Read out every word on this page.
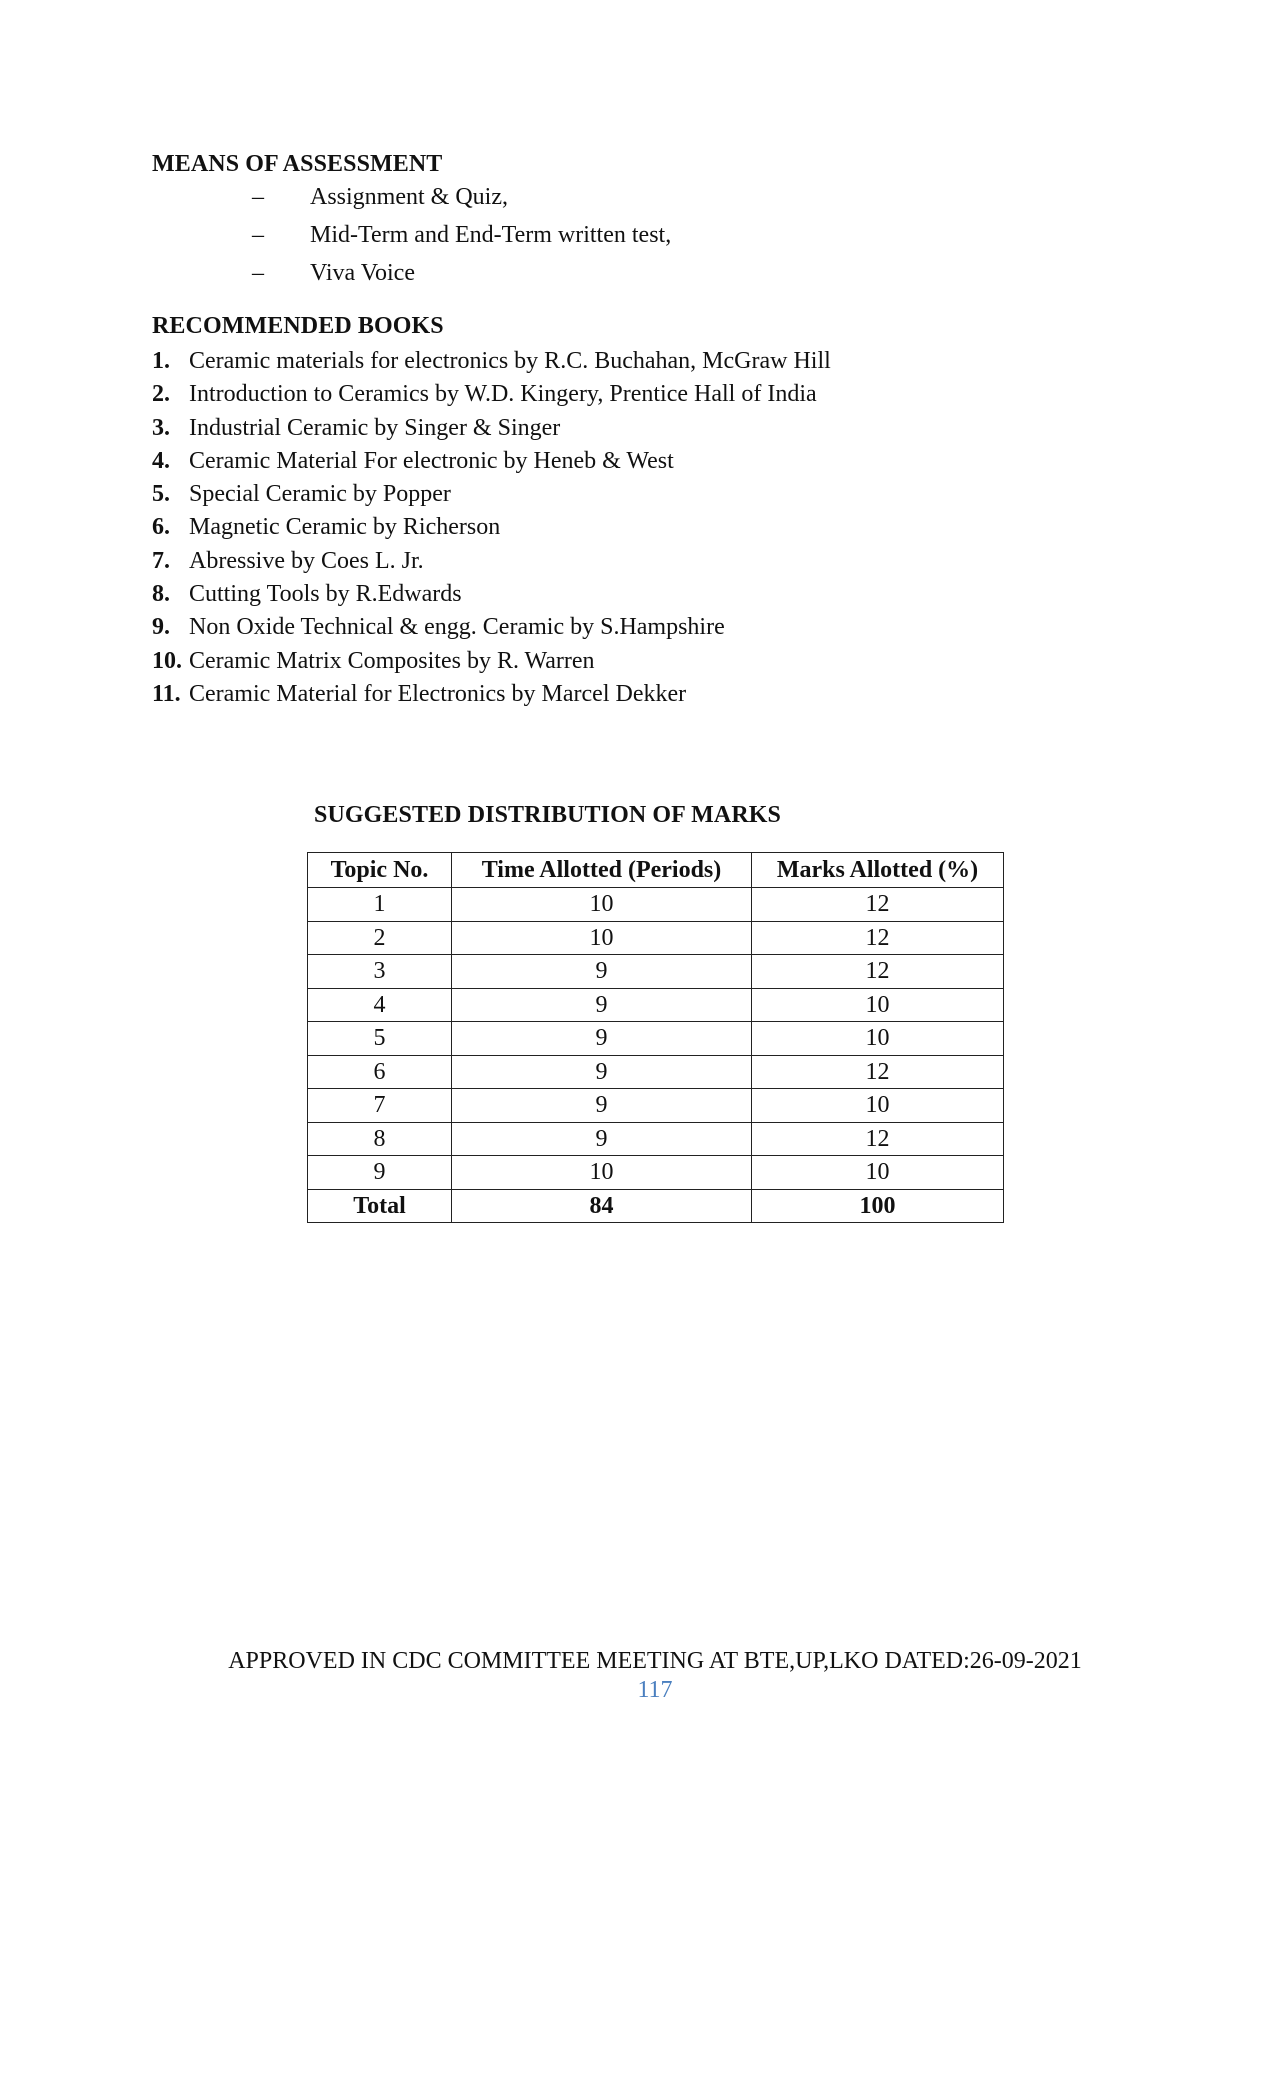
MEANS OF ASSESSMENT
– Assignment & Quiz,
– Mid-Term and End-Term written test,
– Viva Voice
RECOMMENDED BOOKS
1. Ceramic materials for electronics by R.C. Buchahan, McGraw Hill
2. Introduction to Ceramics by W.D. Kingery, Prentice Hall of India
3. Industrial Ceramic by Singer & Singer
4. Ceramic Material For electronic by Heneb & West
5. Special Ceramic by Popper
6. Magnetic Ceramic by Richerson
7. Abressive by Coes L. Jr.
8. Cutting Tools by R.Edwards
9. Non Oxide Technical & engg. Ceramic by S.Hampshire
10. Ceramic Matrix Composites by R. Warren
11. Ceramic Material for Electronics by Marcel Dekker
SUGGESTED DISTRIBUTION OF MARKS
Topic No.	Time Allotted (Periods)	Marks Allotted (%)
1	10	12
2	10	12
3	9	12
4	9	10
5	9	10
6	9	12
7	9	10
8	9	12
9	10	10
Total	84	100
APPROVED IN CDC COMMITTEE MEETING AT BTE,UP,LKO DATED:26-09-2021
117
